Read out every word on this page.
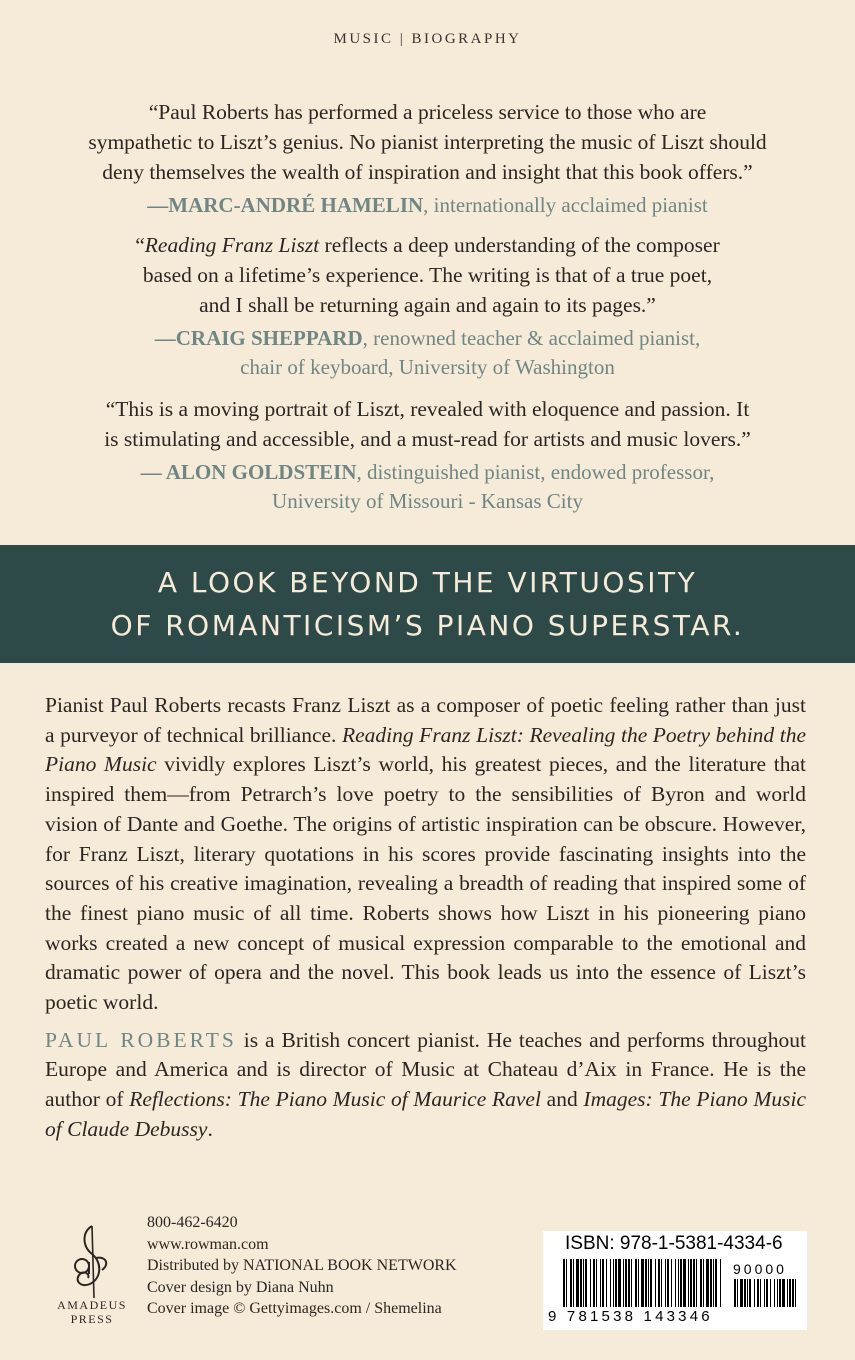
MUSIC | BIOGRAPHY
“Paul Roberts has performed a priceless service to those who are
sympathetic to Liszt’s genius. No pianist interpreting the music of Liszt should
deny themselves the wealth of inspiration and insight that this book offers.”
—MARC-ANDRÉ HAMELIN, internationally acclaimed pianist
“Reading Franz Liszt reflects a deep understanding of the composer
based on a lifetime’s experience. The writing is that of a true poet,
and I shall be returning again and again to its pages.”
—CRAIG SHEPPARD, renowned teacher & acclaimed pianist,
chair of keyboard, University of Washington
“This is a moving portrait of Liszt, revealed with eloquence and passion. It
is stimulating and accessible, and a must-read for artists and music lovers.”
— ALON GOLDSTEIN, distinguished pianist, endowed professor,
University of Missouri - Kansas City
A LOOK BEYOND THE VIRTUOSITY
OF ROMANTICISM’S PIANO SUPERSTAR.

Pianist Paul Roberts recasts Franz Liszt as a composer of poetic feeling rather than just a purveyor of technical brilliance. Reading Franz Liszt: Revealing the Poetry behind the Piano Music vividly explores Liszt’s world, his greatest pieces, and the literature that inspired them—from Petrarch’s love poetry to the sensibilities of Byron and world vision of Dante and Goethe. The origins of artistic inspiration can be obscure. However, for Franz Liszt, literary quotations in his scores provide fascinating insights into the sources of his creative imagination, revealing a breadth of reading that inspired some of the finest piano music of all time. Roberts shows how Liszt in his pioneering piano works created a new concept of musical expression comparable to the emotional and dramatic power of opera and the novel. This book leads us into the essence of Liszt’s poetic world.

PAUL ROBERTS is a British concert pianist. He teaches and performs throughout Europe and America and is director of Music at Chateau d’Aix in France. He is the author of Reflections: The Piano Music of Maurice Ravel and Images: The Piano Music of Claude Debussy.

AMADEUS
PRESS
800-462-6420
www.rowman.com
Distributed by NATIONAL BOOK NETWORK
Cover design by Diana Nuhn
Cover image © Gettyimages.com / Shemelina
ISBN: 978-1-5381-4334-6
90000
9 781538 143346
